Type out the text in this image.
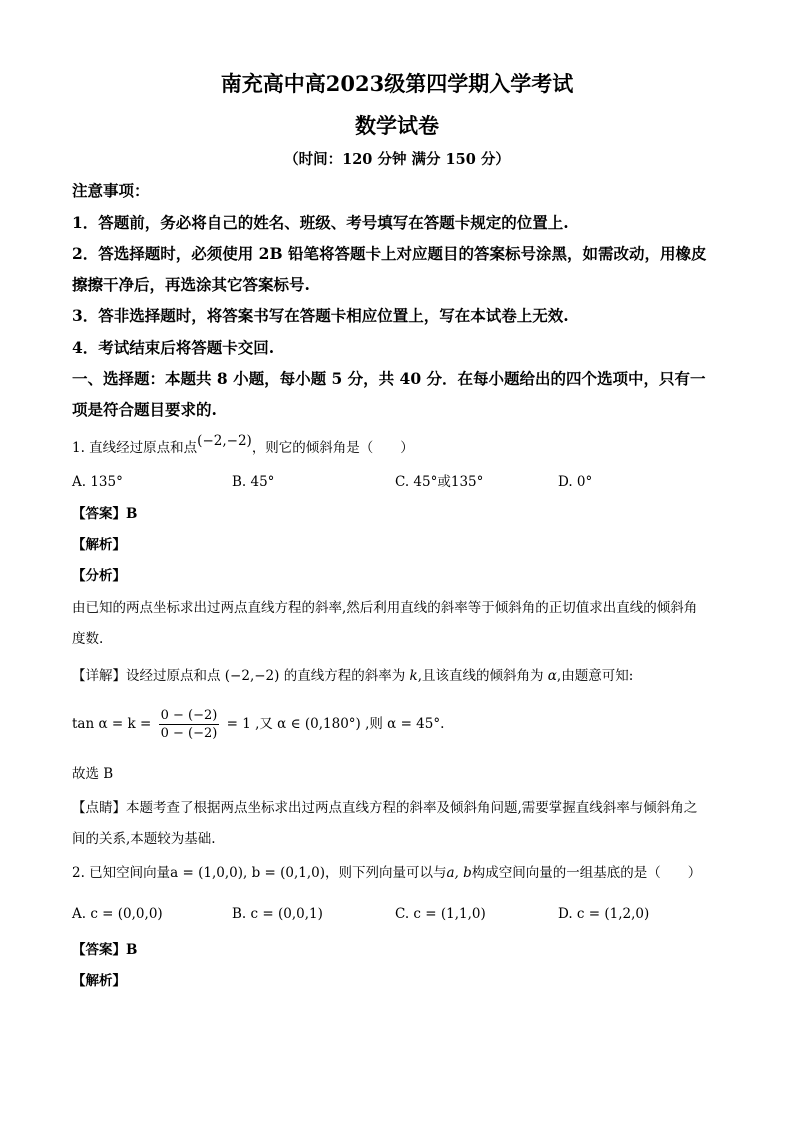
南充高中高2023级第四学期入学考试
数学试卷
（时间：120 分钟 满分 150 分）
注意事项：
1．答题前，务必将自己的姓名、班级、考号填写在答题卡规定的位置上.
2．答选择题时，必须使用 2B 铅笔将答题卡上对应题目的答案标号涂黑，如需改动，用橡皮
擦擦干净后，再选涂其它答案标号.
3．答非选择题时，将答案书写在答题卡相应位置上，写在本试卷上无效.
4．考试结束后将答题卡交回.
一、选择题：本题共 8 小题，每小题 5 分，共 40 分．在每小题给出的四个选项中，只有一
项是符合题目要求的.
1. 直线经过原点和点(−2,−2)，则它的倾斜角是（　　）
A. 135°	B. 45°	C. 45°或135°	D. 0°
【答案】B
【解析】
【分析】
由已知的两点坐标求出过两点直线方程的斜率,然后利用直线的斜率等于倾斜角的正切值求出直线的倾斜角
度数.
【详解】设经过原点和点 (−2,−2) 的直线方程的斜率为 k,且该直线的倾斜角为 α,由题意可知:
$\tan \alpha = k = \frac{0 - (-2)}{0 - (-2)} = 1$ ,又 α ∈ (0,180°) ,则 α = 45°.
故选 B
【点睛】本题考查了根据两点坐标求出过两点直线方程的斜率及倾斜角问题,需要掌握直线斜率与倾斜角之
间的关系,本题较为基础.
2. 已知空间向量a = (1,0,0), b = (0,1,0)，则下列向量可以与a, b构成空间向量的一组基底的是（　　）
A. c = (0,0,0)	B. c = (0,0,1)	C. c = (1,1,0)	D. c = (1,2,0)
【答案】B
【解析】
